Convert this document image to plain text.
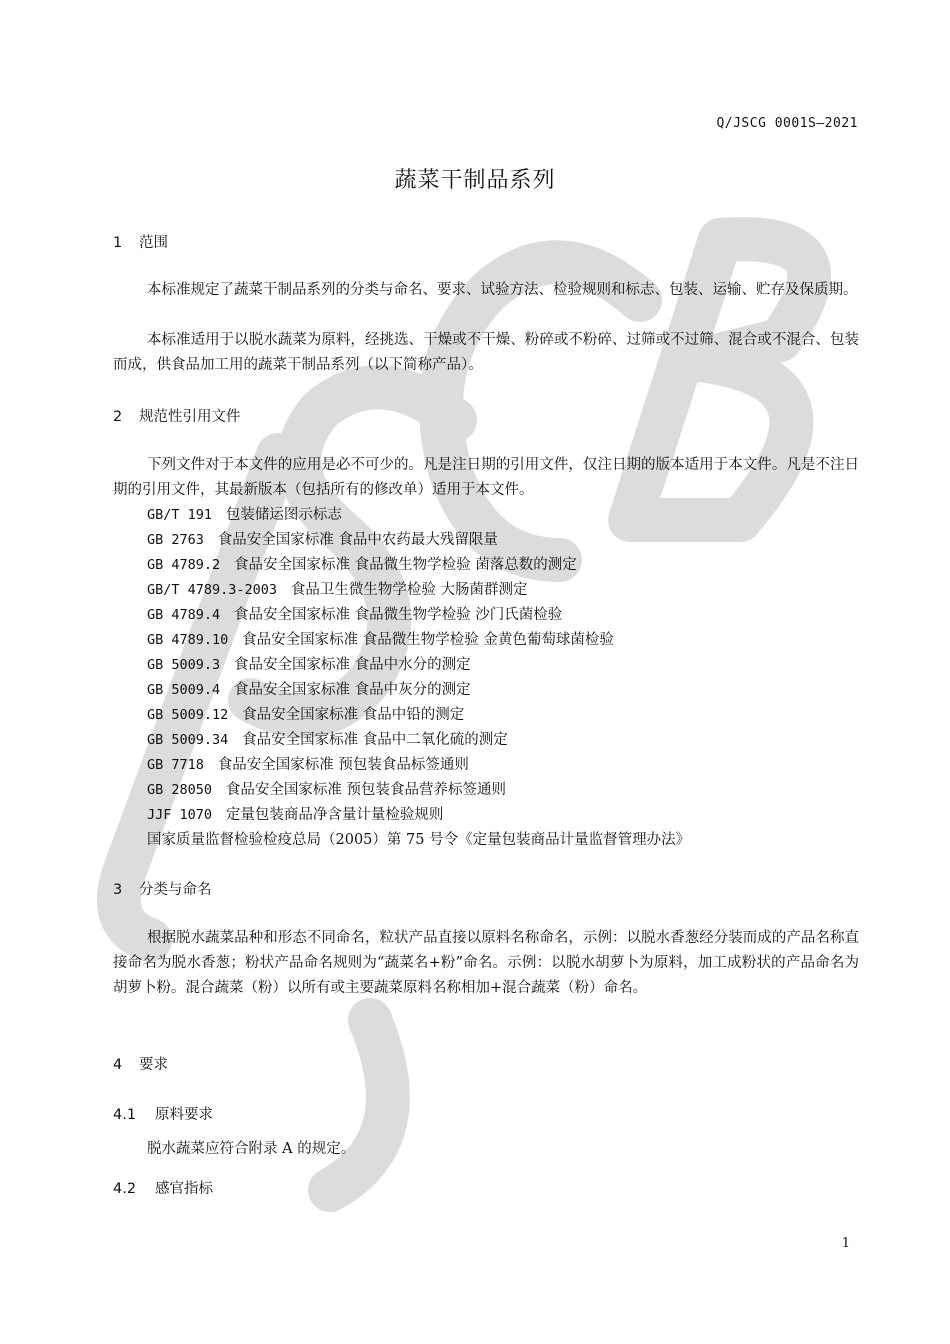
Q/JSCG 0001S—2021
蔬菜干制品系列
1 范围
本标准规定了蔬菜干制品系列的分类与命名、要求、试验方法、检验规则和标志、包装、运输、贮存及保质期。
本标准适用于以脱水蔬菜为原料，经挑选、干燥或不干燥、粉碎或不粉碎、过筛或不过筛、混合或不混合、包装而成，供食品加工用的蔬菜干制品系列（以下简称产品）。
2 规范性引用文件
下列文件对于本文件的应用是必不可少的。凡是注日期的引用文件，仅注日期的版本适用于本文件。凡是不注日期的引用文件，其最新版本（包括所有的修改单）适用于本文件。
GB/T 191 包装储运图示标志
GB 2763 食品安全国家标准 食品中农药最大残留限量
GB 4789.2 食品安全国家标准 食品微生物学检验 菌落总数的测定
GB/T 4789.3-2003 食品卫生微生物学检验 大肠菌群测定
GB 4789.4 食品安全国家标准 食品微生物学检验 沙门氏菌检验
GB 4789.10 食品安全国家标准 食品微生物学检验 金黄色葡萄球菌检验
GB 5009.3 食品安全国家标准 食品中水分的测定
GB 5009.4 食品安全国家标准 食品中灰分的测定
GB 5009.12 食品安全国家标准 食品中铅的测定
GB 5009.34 食品安全国家标准 食品中二氧化硫的测定
GB 7718 食品安全国家标准 预包装食品标签通则
GB 28050 食品安全国家标准 预包装食品营养标签通则
JJF 1070 定量包装商品净含量计量检验规则
国家质量监督检验检疫总局（2005）第 75 号令《定量包装商品计量监督管理办法》
3 分类与命名
根据脱水蔬菜品种和形态不同命名，粒状产品直接以原料名称命名，示例：以脱水香葱经分装而成的产品名称直接命名为脱水香葱；粉状产品命名规则为“蔬菜名+粉”命名。示例：以脱水胡萝卜为原料，加工成粉状的产品命名为胡萝卜粉。混合蔬菜（粉）以所有或主要蔬菜原料名称相加+混合蔬菜（粉）命名。
4 要求
4.1 原料要求
脱水蔬菜应符合附录 A 的规定。
4.2 感官指标
1
